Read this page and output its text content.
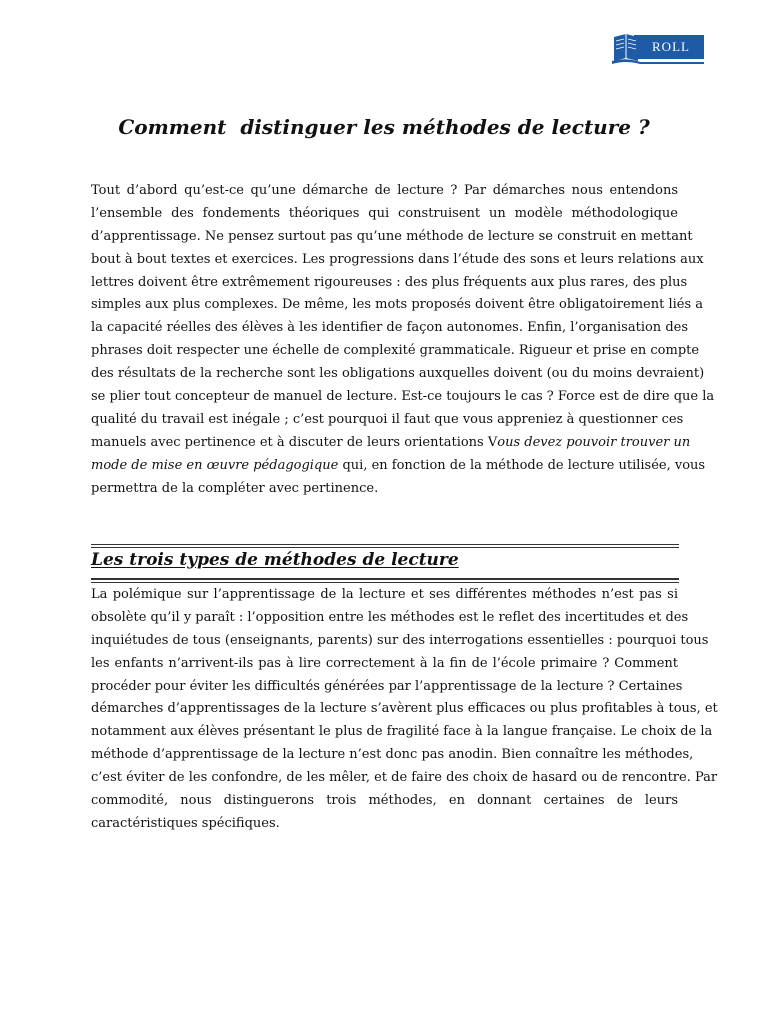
ROLL
Comment  distinguer les méthodes de lecture ?
Tout d’abord qu’est-ce qu’une démarche de lecture ? Par démarches nous entendons
l’ensemble des fondements théoriques qui construisent un modèle méthodologique
d’apprentissage. Ne pensez surtout pas qu’une méthode de lecture se construit en mettant
bout à bout textes et exercices. Les progressions dans l’étude des sons et leurs relations aux
lettres doivent être extrêmement rigoureuses : des plus fréquents aux plus rares, des plus
simples aux plus complexes. De même, les mots proposés doivent être obligatoirement liés a
la capacité réelles des élèves à les identifier de façon autonomes. Enfin, l’organisation des
phrases doit respecter une échelle de complexité grammaticale. Rigueur et prise en compte
des résultats de la recherche sont les obligations auxquelles doivent (ou du moins devraient)
se plier tout concepteur de manuel de lecture. Est-ce toujours le cas ? Force est de dire que la
qualité du travail est inégale ; c’est pourquoi il faut que vous appreniez à questionner ces
manuels avec pertinence et à discuter de leurs orientations Vous devez pouvoir trouver un
mode de mise en œuvre pédagogique qui, en fonction de la méthode de lecture utilisée, vous
permettra de la compléter avec pertinence.
Les trois types de méthodes de lecture
La polémique sur l’apprentissage de la lecture et ses différentes méthodes n’est pas si
obsolète qu’il y paraît : l’opposition entre les méthodes est le reflet des incertitudes et des
inquiétudes de tous (enseignants, parents) sur des interrogations essentielles : pourquoi tous
les enfants n’arrivent-ils pas à lire correctement à la fin de l’école primaire ? Comment
procéder pour éviter les difficultés générées par l’apprentissage de la lecture ? Certaines
démarches d’apprentissages de la lecture s’avèrent plus efficaces ou plus profitables à tous, et
notamment aux élèves présentant le plus de fragilité face à la langue française. Le choix de la
méthode d’apprentissage de la lecture n’est donc pas anodin. Bien connaître les méthodes,
c’est éviter de les confondre, de les mêler, et de faire des choix de hasard ou de rencontre. Par
commodité, nous distinguerons trois méthodes, en donnant certaines de leurs
caractéristiques spécifiques.
